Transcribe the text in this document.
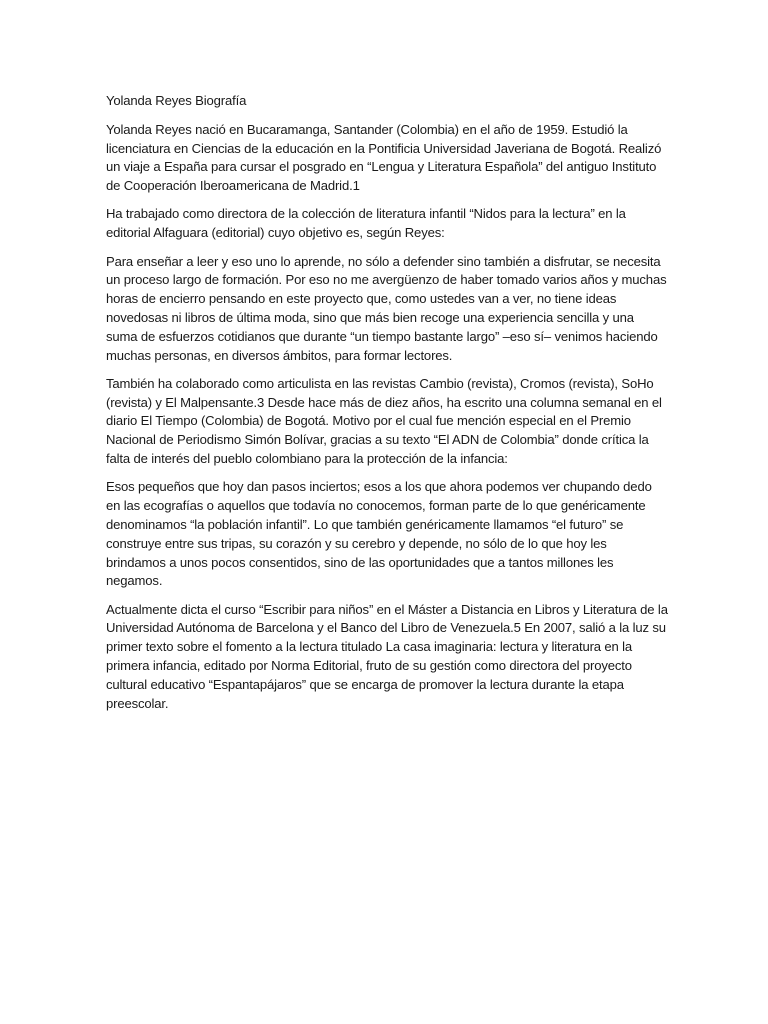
Yolanda Reyes Biografía

Yolanda Reyes nació en Bucaramanga, Santander (Colombia) en el año de 1959. Estudió la licenciatura en Ciencias de la educación en la Pontificia Universidad Javeriana de Bogotá. Realizó un viaje a España para cursar el posgrado en “Lengua y Literatura Española” del antiguo Instituto de Cooperación Iberoamericana de Madrid.1

Ha trabajado como directora de la colección de literatura infantil “Nidos para la lectura” en la editorial Alfaguara (editorial) cuyo objetivo es, según Reyes:

Para enseñar a leer y eso uno lo aprende, no sólo a defender sino también a disfrutar, se necesita un proceso largo de formación. Por eso no me avergüenzo de haber tomado varios años y muchas horas de encierro pensando en este proyecto que, como ustedes van a ver, no tiene ideas novedosas ni libros de última moda, sino que más bien recoge una experiencia sencilla y una suma de esfuerzos cotidianos que durante “un tiempo bastante largo” –eso sí– venimos haciendo muchas personas, en diversos ámbitos, para formar lectores.

También ha colaborado como articulista en las revistas Cambio (revista), Cromos (revista), SoHo (revista) y El Malpensante.3 Desde hace más de diez años, ha escrito una columna semanal en el diario El Tiempo (Colombia) de Bogotá. Motivo por el cual fue mención especial en el Premio Nacional de Periodismo Simón Bolívar, gracias a su texto “El ADN de Colombia” donde crítica la falta de interés del pueblo colombiano para la protección de la infancia:

Esos pequeños que hoy dan pasos inciertos; esos a los que ahora podemos ver chupando dedo en las ecografías o aquellos que todavía no conocemos, forman parte de lo que genéricamente denominamos “la población infantil”. Lo que también genéricamente llamamos “el futuro” se construye entre sus tripas, su corazón y su cerebro y depende, no sólo de lo que hoy les brindamos a unos pocos consentidos, sino de las oportunidades que a tantos millones les negamos.

Actualmente dicta el curso “Escribir para niños” en el Máster a Distancia en Libros y Literatura de la Universidad Autónoma de Barcelona y el Banco del Libro de Venezuela.5 En 2007, salió a la luz su primer texto sobre el fomento a la lectura titulado La casa imaginaria: lectura y literatura en la primera infancia, editado por Norma Editorial, fruto de su gestión como directora del proyecto cultural educativo “Espantapájaros” que se encarga de promover la lectura durante la etapa preescolar.
